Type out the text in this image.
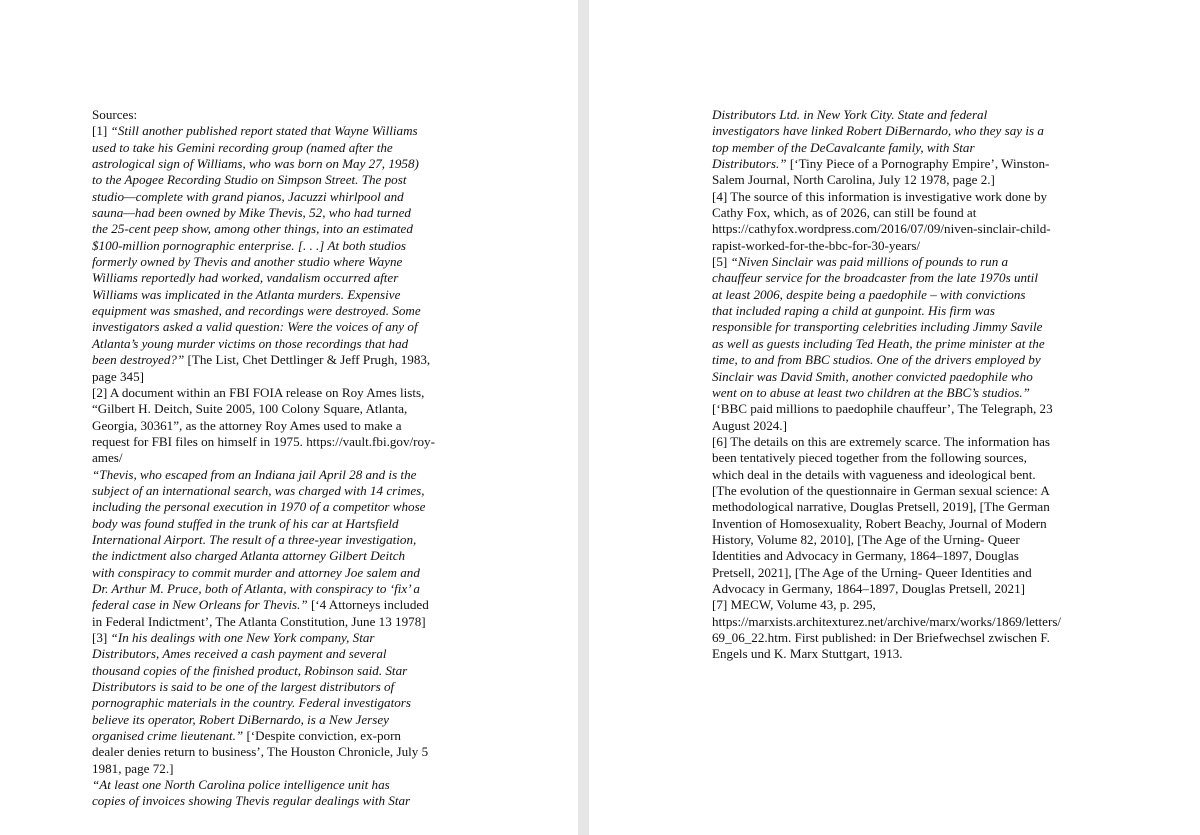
Sources:
[1] “Still another published report stated that Wayne Williams
used to take his Gemini recording group (named after the
astrological sign of Williams, who was born on May 27, 1958)
to the Apogee Recording Studio on Simpson Street. The post
studio—complete with grand pianos, Jacuzzi whirlpool and
sauna—had been owned by Mike Thevis, 52, who had turned
the 25-cent peep show, among other things, into an estimated
$100-million pornographic enterprise. [. . .] At both studios
formerly owned by Thevis and another studio where Wayne
Williams reportedly had worked, vandalism occurred after
Williams was implicated in the Atlanta murders. Expensive
equipment was smashed, and recordings were destroyed. Some
investigators asked a valid question: Were the voices of any of
Atlanta’s young murder victims on those recordings that had
been destroyed?” [The List, Chet Dettlinger & Jeff Prugh, 1983,
page 345]
[2] A document within an FBI FOIA release on Roy Ames lists,
“Gilbert H. Deitch, Suite 2005, 100 Colony Square, Atlanta,
Georgia, 30361”, as the attorney Roy Ames used to make a
request for FBI files on himself in 1975. https://vault.fbi.gov/roy-
ames/
“Thevis, who escaped from an Indiana jail April 28 and is the
subject of an international search, was charged with 14 crimes,
including the personal execution in 1970 of a competitor whose
body was found stuffed in the trunk of his car at Hartsfield
International Airport. The result of a three-year investigation,
the indictment also charged Atlanta attorney Gilbert Deitch
with conspiracy to commit murder and attorney Joe salem and
Dr. Arthur M. Pruce, both of Atlanta, with conspiracy to ‘fix’ a
federal case in New Orleans for Thevis.” [‘4 Attorneys included
in Federal Indictment’, The Atlanta Constitution, June 13 1978]
[3] “In his dealings with one New York company, Star
Distributors, Ames received a cash payment and several
thousand copies of the finished product, Robinson said. Star
Distributors is said to be one of the largest distributors of
pornographic materials in the country. Federal investigators
believe its operator, Robert DiBernardo, is a New Jersey
organised crime lieutenant.” [‘Despite conviction, ex-porn
dealer denies return to business’, The Houston Chronicle, July 5
1981, page 72.]
“At least one North Carolina police intelligence unit has
copies of invoices showing Thevis regular dealings with Star
Distributors Ltd. in New York City. State and federal
investigators have linked Robert DiBernardo, who they say is a
top member of the DeCavalcante family, with Star
Distributors.” [‘Tiny Piece of a Pornography Empire’, Winston-
Salem Journal, North Carolina, July 12 1978, page 2.]
[4] The source of this information is investigative work done by
Cathy Fox, which, as of 2026, can still be found at
https://cathyfox.wordpress.com/2016/07/09/niven-sinclair-child-
rapist-worked-for-the-bbc-for-30-years/
[5] “Niven Sinclair was paid millions of pounds to run a
chauffeur service for the broadcaster from the late 1970s until
at least 2006, despite being a paedophile – with convictions
that included raping a child at gunpoint. His firm was
responsible for transporting celebrities including Jimmy Savile
as well as guests including Ted Heath, the prime minister at the
time, to and from BBC studios. One of the drivers employed by
Sinclair was David Smith, another convicted paedophile who
went on to abuse at least two children at the BBC’s studios.”
[‘BBC paid millions to paedophile chauffeur’, The Telegraph, 23
August 2024.]
[6] The details on this are extremely scarce. The information has
been tentatively pieced together from the following sources,
which deal in the details with vagueness and ideological bent.
[The evolution of the questionnaire in German sexual science: A
methodological narrative, Douglas Pretsell, 2019], [The German
Invention of Homosexuality, Robert Beachy, Journal of Modern
History, Volume 82, 2010], [The Age of the Urning- Queer
Identities and Advocacy in Germany, 1864–1897, Douglas
Pretsell, 2021], [The Age of the Urning- Queer Identities and
Advocacy in Germany, 1864–1897, Douglas Pretsell, 2021]
[7] MECW, Volume 43, p. 295,
https://marxists.architexturez.net/archive/marx/works/1869/letters/
69_06_22.htm. First published: in Der Briefwechsel zwischen F.
Engels und K. Marx Stuttgart, 1913.
